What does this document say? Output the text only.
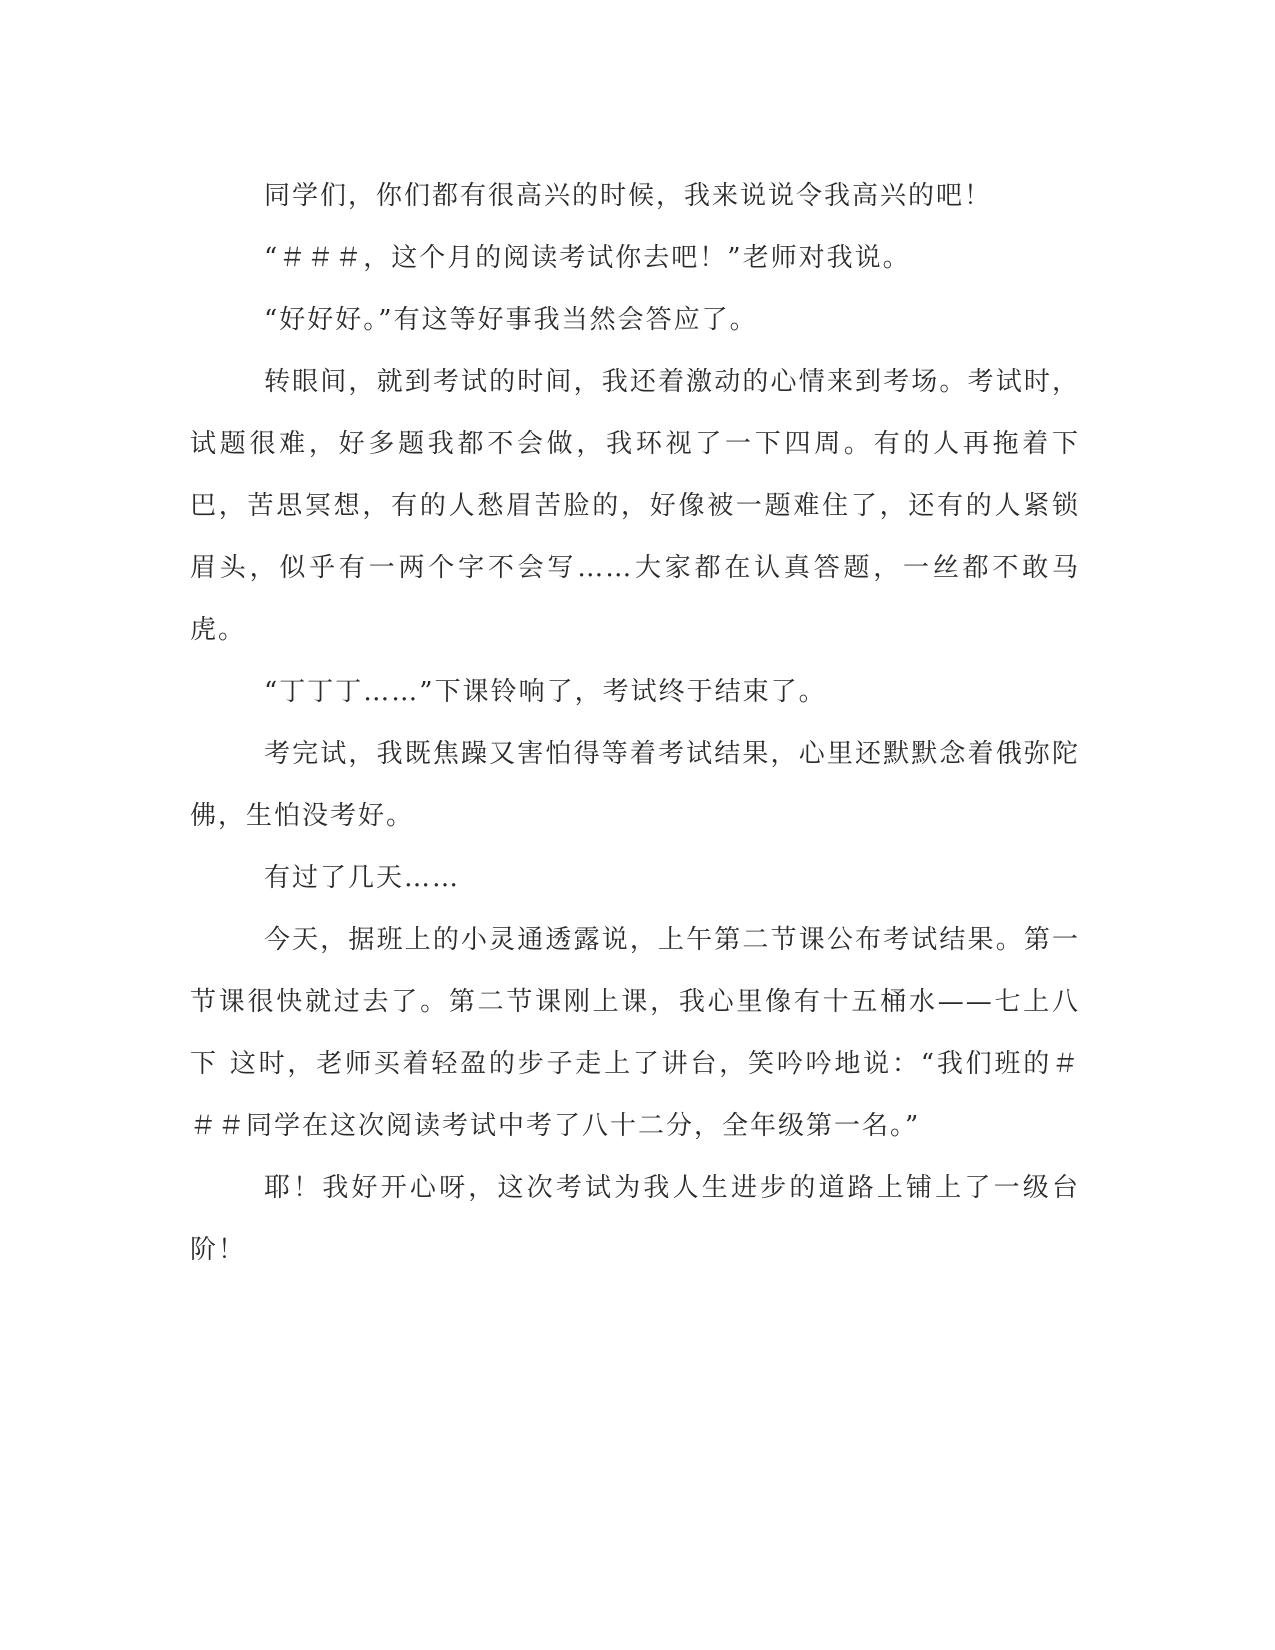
同学们，你们都有很高兴的时候，我来说说令我高兴的吧！

“＃＃＃，这个月的阅读考试你去吧！”老师对我说。

“好好好。”有这等好事我当然会答应了。

转眼间，就到考试的时间，我还着激动的心情来到考场。考试时，试题很难，好多题我都不会做，我环视了一下四周。有的人再拖着下巴，苦思冥想，有的人愁眉苦脸的，好像被一题难住了，还有的人紧锁眉头，似乎有一两个字不会写……大家都在认真答题，一丝都不敢马虎。

“丁丁丁……”下课铃响了，考试终于结束了。

考完试，我既焦躁又害怕得等着考试结果，心里还默默念着俄弥陀佛，生怕没考好。

有过了几天……

今天，据班上的小灵通透露说，上午第二节课公布考试结果。第一节课很快就过去了。第二节课刚上课，我心里像有十五桶水——七上八下 这时，老师买着轻盈的步子走上了讲台，笑吟吟地说：“我们班的＃＃＃同学在这次阅读考试中考了八十二分，全年级第一名。”

耶！我好开心呀，这次考试为我人生进步的道路上铺上了一级台阶！
